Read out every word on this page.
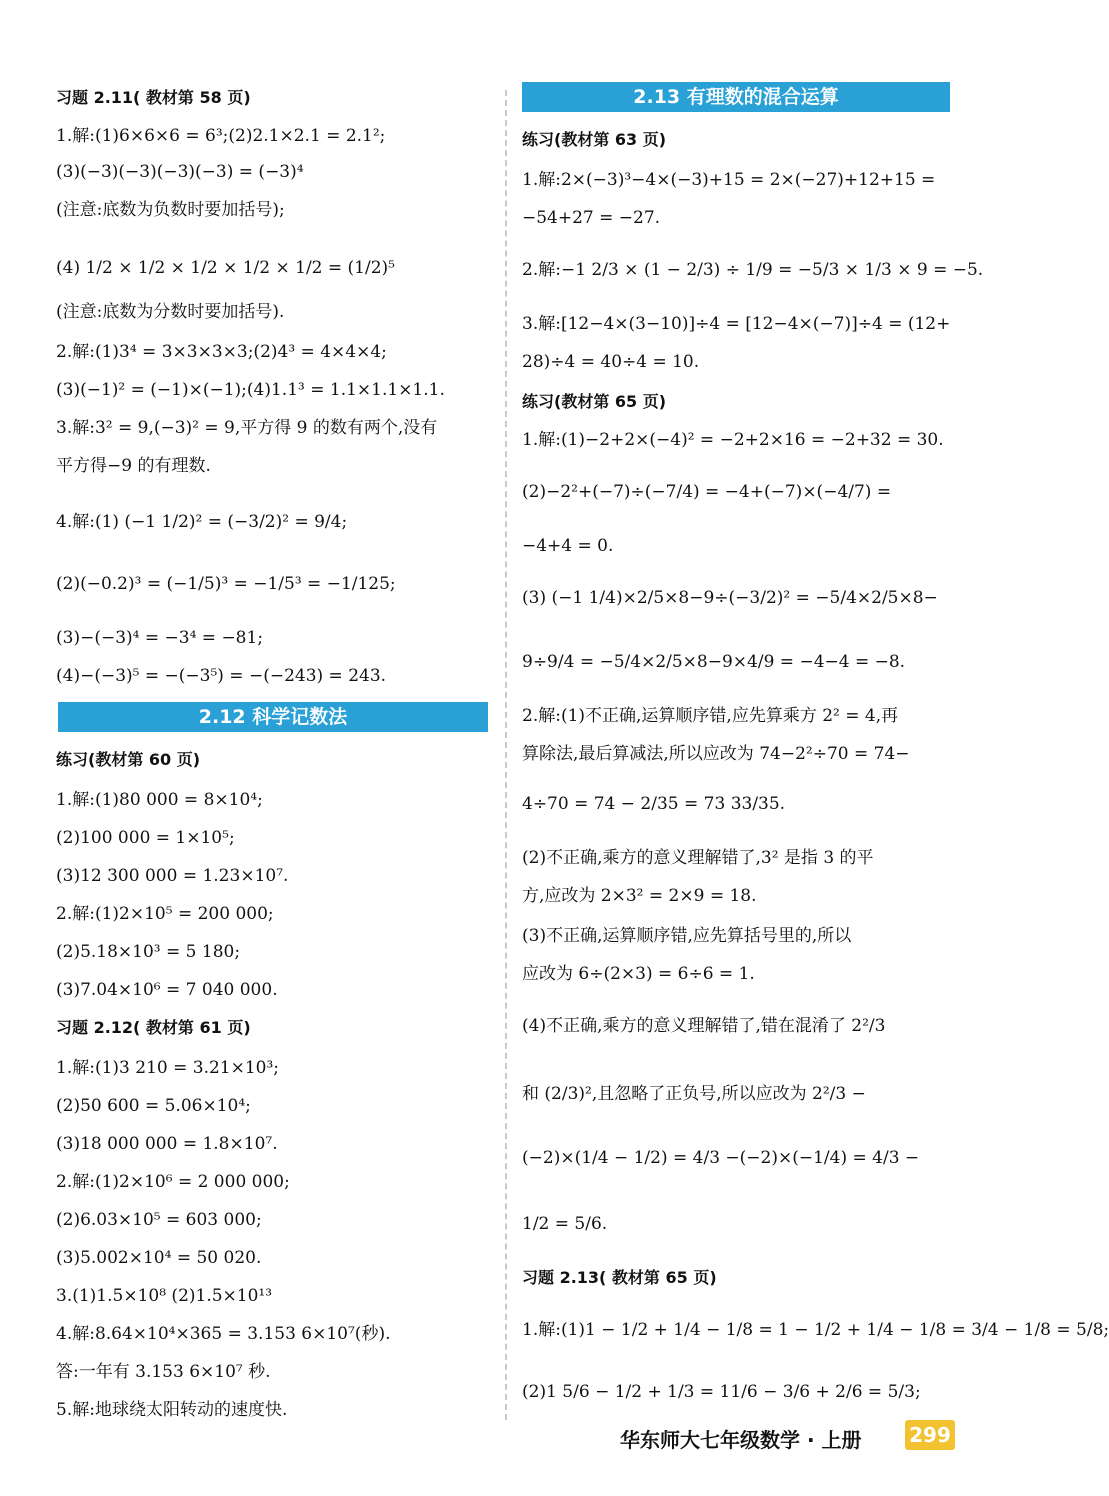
习题 2.11( 教材第 58 页)
1.解:(1)6×6×6 = 6³;(2)2.1×2.1 = 2.1²;
(3)(−3)(−3)(−3)(−3) = (−3)⁴
(注意:底数为负数时要加括号);
(4) 1/2 × 1/2 × 1/2 × 1/2 × 1/2 = (1/2)⁵
(注意:底数为分数时要加括号).
2.解:(1)3⁴ = 3×3×3×3;(2)4³ = 4×4×4;
(3)(−1)² = (−1)×(−1);(4)1.1³ = 1.1×1.1×1.1.
3.解:3² = 9,(−3)² = 9,平方得 9 的数有两个,没有
平方得−9 的有理数.
4.解:(1) (−1 1/2)² = (−3/2)² = 9/4;
(2)(−0.2)³ = (−1/5)³ = −1/5³ = −1/125;
(3)−(−3)⁴ = −3⁴ = −81;
(4)−(−3)⁵ = −(−3⁵) = −(−243) = 243.
练习(教材第 60 页)
1.解:(1)80 000 = 8×10⁴;
(2)100 000 = 1×10⁵;
(3)12 300 000 = 1.23×10⁷.
2.解:(1)2×10⁵ = 200 000;
(2)5.18×10³ = 5 180;
(3)7.04×10⁶ = 7 040 000.
习题 2.12( 教材第 61 页)
1.解:(1)3 210 = 3.21×10³;
(2)50 600 = 5.06×10⁴;
(3)18 000 000 = 1.8×10⁷.
2.解:(1)2×10⁶ = 2 000 000;
(2)6.03×10⁵ = 603 000;
(3)5.002×10⁴ = 50 020.
3.(1)1.5×10⁸ (2)1.5×10¹³
4.解:8.64×10⁴×365 = 3.153 6×10⁷(秒).
答:一年有 3.153 6×10⁷ 秒.
5.解:地球绕太阳转动的速度快.
2.12 科学记数法
练习(教材第 63 页)
1.解:2×(−3)³−4×(−3)+15 = 2×(−27)+12+15 =
−54+27 = −27.
2.解:−1 2/3 × (1 − 2/3) ÷ 1/9 = −5/3 × 1/3 × 9 = −5.
3.解:[12−4×(3−10)]÷4 = [12−4×(−7)]÷4 = (12+
28)÷4 = 40÷4 = 10.
练习(教材第 65 页)
1.解:(1)−2+2×(−4)² = −2+2×16 = −2+32 = 30.
(2)−2²+(−7)÷(−7/4) = −4+(−7)×(−4/7) =
−4+4 = 0.
(3) (−1 1/4)×2/5×8−9÷(−3/2)² = −5/4×2/5×8−
9÷9/4 = −5/4×2/5×8−9×4/9 = −4−4 = −8.
2.解:(1)不正确,运算顺序错,应先算乘方 2² = 4,再
算除法,最后算减法,所以应改为 74−2²÷70 = 74−
4÷70 = 74 − 2/35 = 73 33/35.
(2)不正确,乘方的意义理解错了,3² 是指 3 的平
方,应改为 2×3² = 2×9 = 18.
(3)不正确,运算顺序错,应先算括号里的,所以
应改为 6÷(2×3) = 6÷6 = 1.
(4)不正确,乘方的意义理解错了,错在混淆了 2²/3
和 (2/3)²,且忽略了正负号,所以应改为 2²/3 −
(−2)×(1/4 − 1/2) = 4/3 −(−2)×(−1/4) = 4/3 −
1/2 = 5/6.
习题 2.13( 教材第 65 页)
1.解:(1)1 − 1/2 + 1/4 − 1/8 = 1 − 1/2 + 1/4 − 1/8 = 3/4 − 1/8 = 5/8;
(2)1 5/6 − 1/2 + 1/3 = 11/6 − 3/6 + 2/6 = 5/3;
2.13 有理数的混合运算
华东师大七年级数学 · 上册 299
